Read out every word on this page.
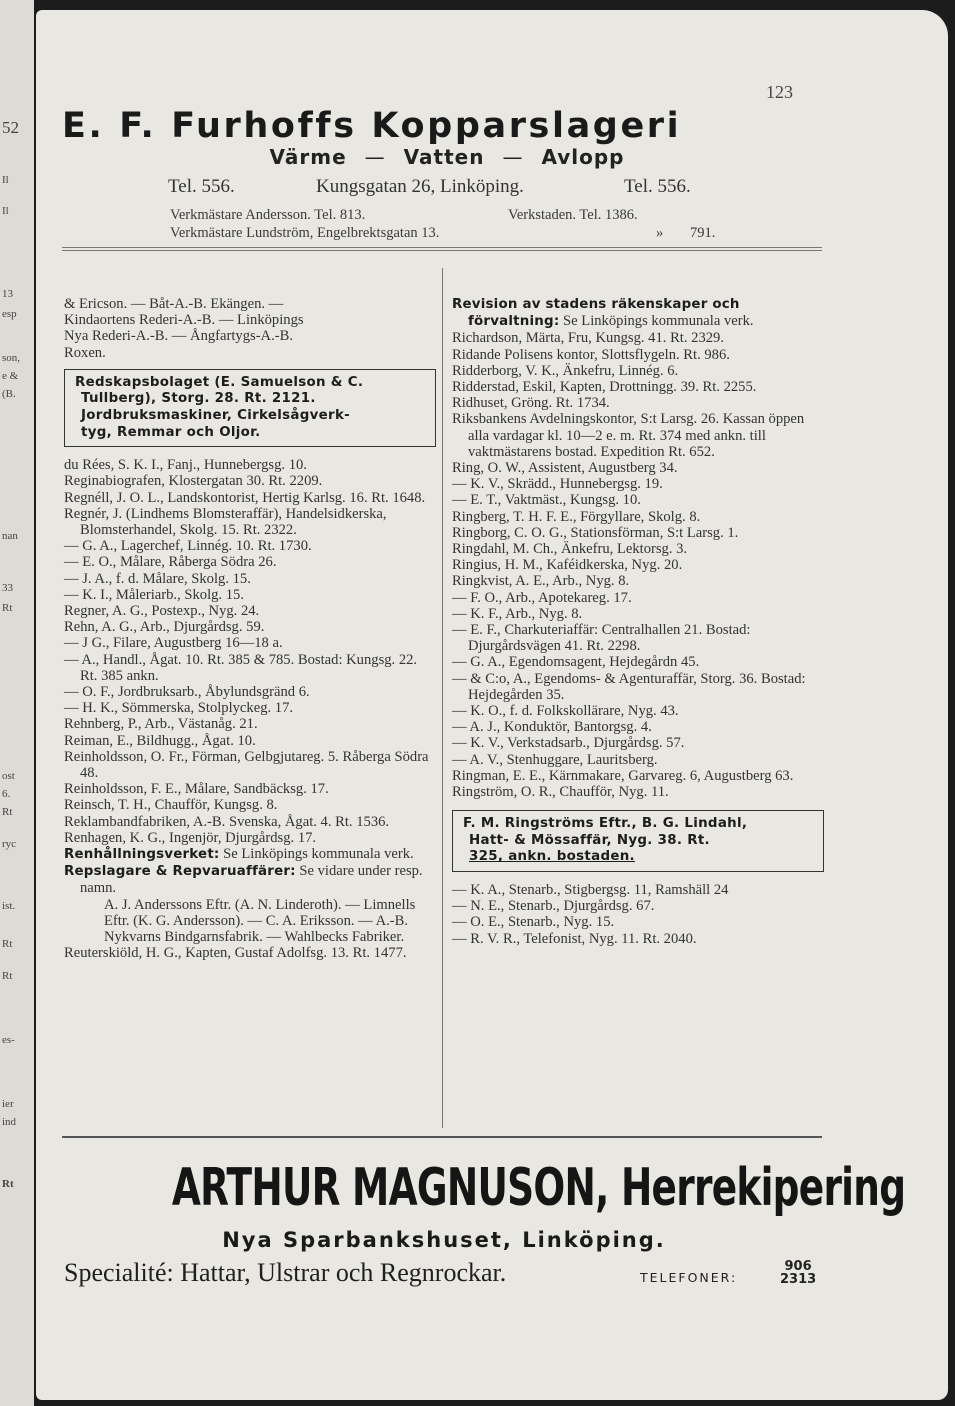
52
Il
Il
13
esp
son,
e &
(B.
nan
33
Rt
ost
6.
Rt
ryc
ist.
Rt
Rt
es-
ier
ind
Rt
123
E. F. Furhoffs Kopparslageri
Värme — Vatten — Avlopp
Tel. 556.	Kungsgatan 26, Linköping.	Tel. 556.
Verkmästare Andersson. Tel. 813.	Verkstaden. Tel. 1386.
Verkmästare Lundström, Engelbrektsgatan 13.	» 791.
& Ericson. — Båt-A.-B. Ekängen. —
Kindaortens Rederi-A.-B. — Linköpings
Nya Rederi-A.-B. — Ångfartygs-A.-B.
Roxen.
Redskapsbolaget (E. Samuelson & C.
Tullberg), Storg. 28. Rt. 2121.
Jordbruksmaskiner, Cirkelsågverk-
tyg, Remmar och Oljor.
du Rées, S. K. I., Fanj., Hunnebergsg. 10.
Reginabiografen, Klostergatan 30. Rt. 2209.
Regnéll, J. O. L., Landskontorist, Hertig Karlsg. 16. Rt. 1648.
Regnér, J. (Lindhems Blomsteraffär), Handelsidkerska, Blomsterhandel, Skolg. 15. Rt. 2322.
— G. A., Lagerchef, Linnég. 10. Rt. 1730.
— E. O., Målare, Råberga Södra 26.
— J. A., f. d. Målare, Skolg. 15.
— K. I., Måleriarb., Skolg. 15.
Regner, A. G., Postexp., Nyg. 24.
Rehn, A. G., Arb., Djurgårdsg. 59.
— J G., Filare, Augustberg 16—18 a.
— A., Handl., Ågat. 10. Rt. 385 & 785. Bostad: Kungsg. 22. Rt. 385 ankn.
— O. F., Jordbruksarb., Åbylundsgränd 6.
— H. K., Sömmerska, Stolplyckeg. 17.
Rehnberg, P., Arb., Västanåg. 21.
Reiman, E., Bildhugg., Ågat. 10.
Reinholdsson, O. Fr., Förman, Gelbgjutareg. 5. Råberga Södra 48.
Reinholdsson, F. E., Målare, Sandbäcksg. 17.
Reinsch, T. H., Chaufför, Kungsg. 8.
Reklambandfabriken, A.-B. Svenska, Ågat. 4. Rt. 1536.
Renhagen, K. G., Ingenjör, Djurgårdsg. 17.
Renhållningsverket: Se Linköpings kommunala verk.
Repslagare & Repvaruaffärer: Se vidare under resp. namn.
A. J. Anderssons Eftr. (A. N. Linderoth). — Limnells Eftr. (K. G. Andersson). — C. A. Eriksson. — A.-B. Nykvarns Bindgarnsfabrik. — Wahlbecks Fabriker.
Reuterskiöld, H. G., Kapten, Gustaf Adolfsg. 13. Rt. 1477.
Revision av stadens räkenskaper och förvaltning: Se Linköpings kommunala verk.
Richardson, Märta, Fru, Kungsg. 41. Rt. 2329.
Ridande Polisens kontor, Slottsflygeln. Rt. 986.
Ridderborg, V. K., Änkefru, Linnég. 6.
Ridderstad, Eskil, Kapten, Drottningg. 39. Rt. 2255.
Ridhuset, Gröng. Rt. 1734.
Riksbankens Avdelningskontor, S:t Larsg. 26. Kassan öppen alla vardagar kl. 10—2 e. m. Rt. 374 med ankn. till vaktmästarens bostad. Expedition Rt. 652.
Ring, O. W., Assistent, Augustberg 34.
— K. V., Skrädd., Hunnebergsg. 19.
— E. T., Vaktmäst., Kungsg. 10.
Ringberg, T. H. F. E., Förgyllare, Skolg. 8.
Ringborg, C. O. G., Stationsförman, S:t Larsg. 1.
Ringdahl, M. Ch., Änkefru, Lektorsg. 3.
Ringius, H. M., Kaféidkerska, Nyg. 20.
Ringkvist, A. E., Arb., Nyg. 8.
— F. O., Arb., Apotekareg. 17.
— K. F., Arb., Nyg. 8.
— E. F., Charkuteriaffär: Centralhallen 21. Bostad: Djurgårdsvägen 41. Rt. 2298.
— G. A., Egendomsagent, Hejdegårdn 45.
— & C:o, A., Egendoms- & Agenturaffär, Storg. 36. Bostad: Hejdegården 35.
— K. O., f. d. Folkskollärare, Nyg. 43.
— A. J., Konduktör, Bantorgsg. 4.
— K. V., Verkstadsarb., Djurgårdsg. 57.
— A. V., Stenhuggare, Lauritsberg.
Ringman, E. E., Kärnmakare, Garvareg. 6, Augustberg 63.
Ringström, O. R., Chaufför, Nyg. 11.
F. M. Ringströms Eftr., B. G. Lindahl,
Hatt- & Mössaffär, Nyg. 38. Rt.
325, ankn. bostaden.
— K. A., Stenarb., Stigbergsg. 11, Ramshäll 24
— N. E., Stenarb., Djurgårdsg. 67.
— O. E., Stenarb., Nyg. 15.
— R. V. R., Telefonist, Nyg. 11. Rt. 2040.
ARTHUR MAGNUSON, Herrekipering
Nya Sparbankshuset, Linköping.
Specialité: Hattar, Ulstrar och Regnrockar.	TELEFONER:
906
2313
